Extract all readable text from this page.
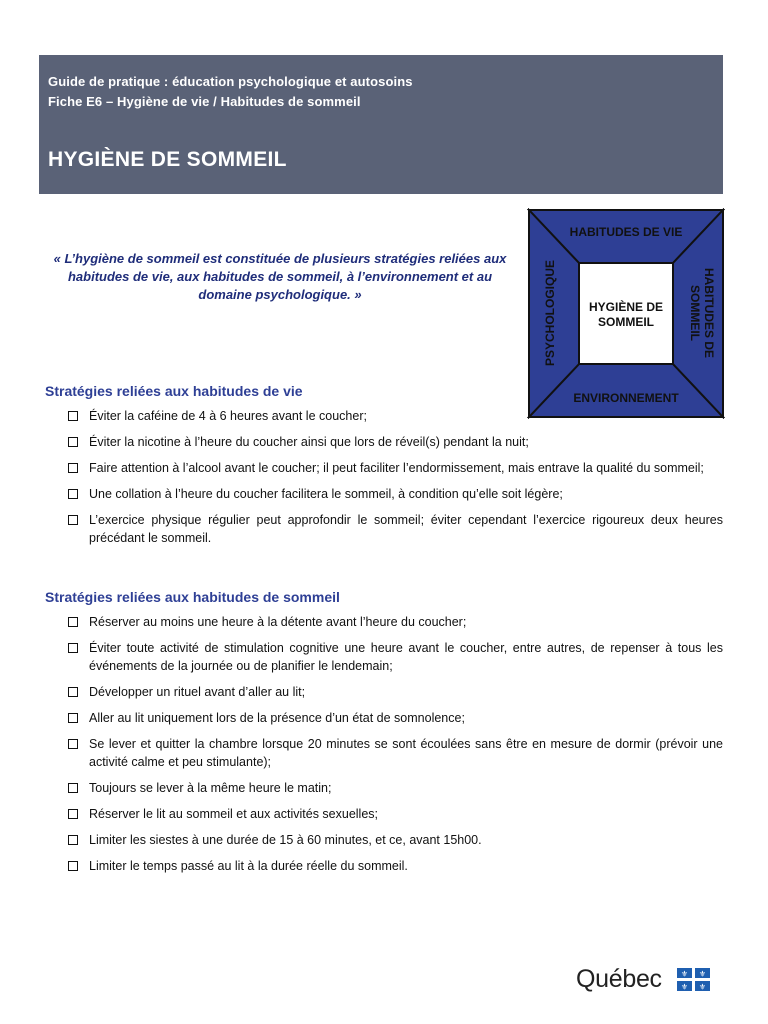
Guide de pratique : éducation psychologique et autosoins
Fiche E6 – Hygiène de vie / Habitudes de sommeil
HYGIÈNE DE SOMMEIL
« L’hygiène de sommeil est constituée de plusieurs stratégies reliées aux habitudes de vie, aux habitudes de sommeil, à l’environnement et au domaine psychologique. »
HABITUDES DE VIE
ENVIRONNEMENT
PSYCHOLOGIQUE	HABITUDES DE SOMMEIL
HYGIÈNE DE SOMMEIL
Stratégies reliées aux habitudes de vie
Éviter la caféine de 4 à 6 heures avant le coucher;
Éviter la nicotine à l’heure du coucher ainsi que lors de réveil(s) pendant la nuit;
Faire attention à l’alcool avant le coucher; il peut faciliter l’endormissement, mais entrave la qualité du sommeil;
Une collation à l’heure du coucher facilitera le sommeil, à condition qu’elle soit légère;
L’exercice physique régulier peut approfondir le sommeil; éviter cependant l’exercice rigoureux deux heures précédant le sommeil.
Stratégies reliées aux habitudes de sommeil
Réserver au moins une heure à la détente avant l’heure du coucher;
Éviter toute activité de stimulation cognitive une heure avant le coucher, entre autres, de repenser à tous les événements de la journée ou de planifier le lendemain;
Développer un rituel avant d’aller au lit;
Aller au lit uniquement lors de la présence d’un état de somnolence;
Se lever et quitter la chambre lorsque 20 minutes se sont écoulées sans être en mesure de dormir (prévoir une activité calme et peu stimulante);
Toujours se lever à la même heure le matin;
Réserver le lit au sommeil et aux activités sexuelles;
Limiter les siestes à une durée de 15 à 60 minutes, et ce, avant 15h00.
Limiter le temps passé au lit à la durée réelle du sommeil.
Québec ⚜ ⚜
⚜ ⚜
